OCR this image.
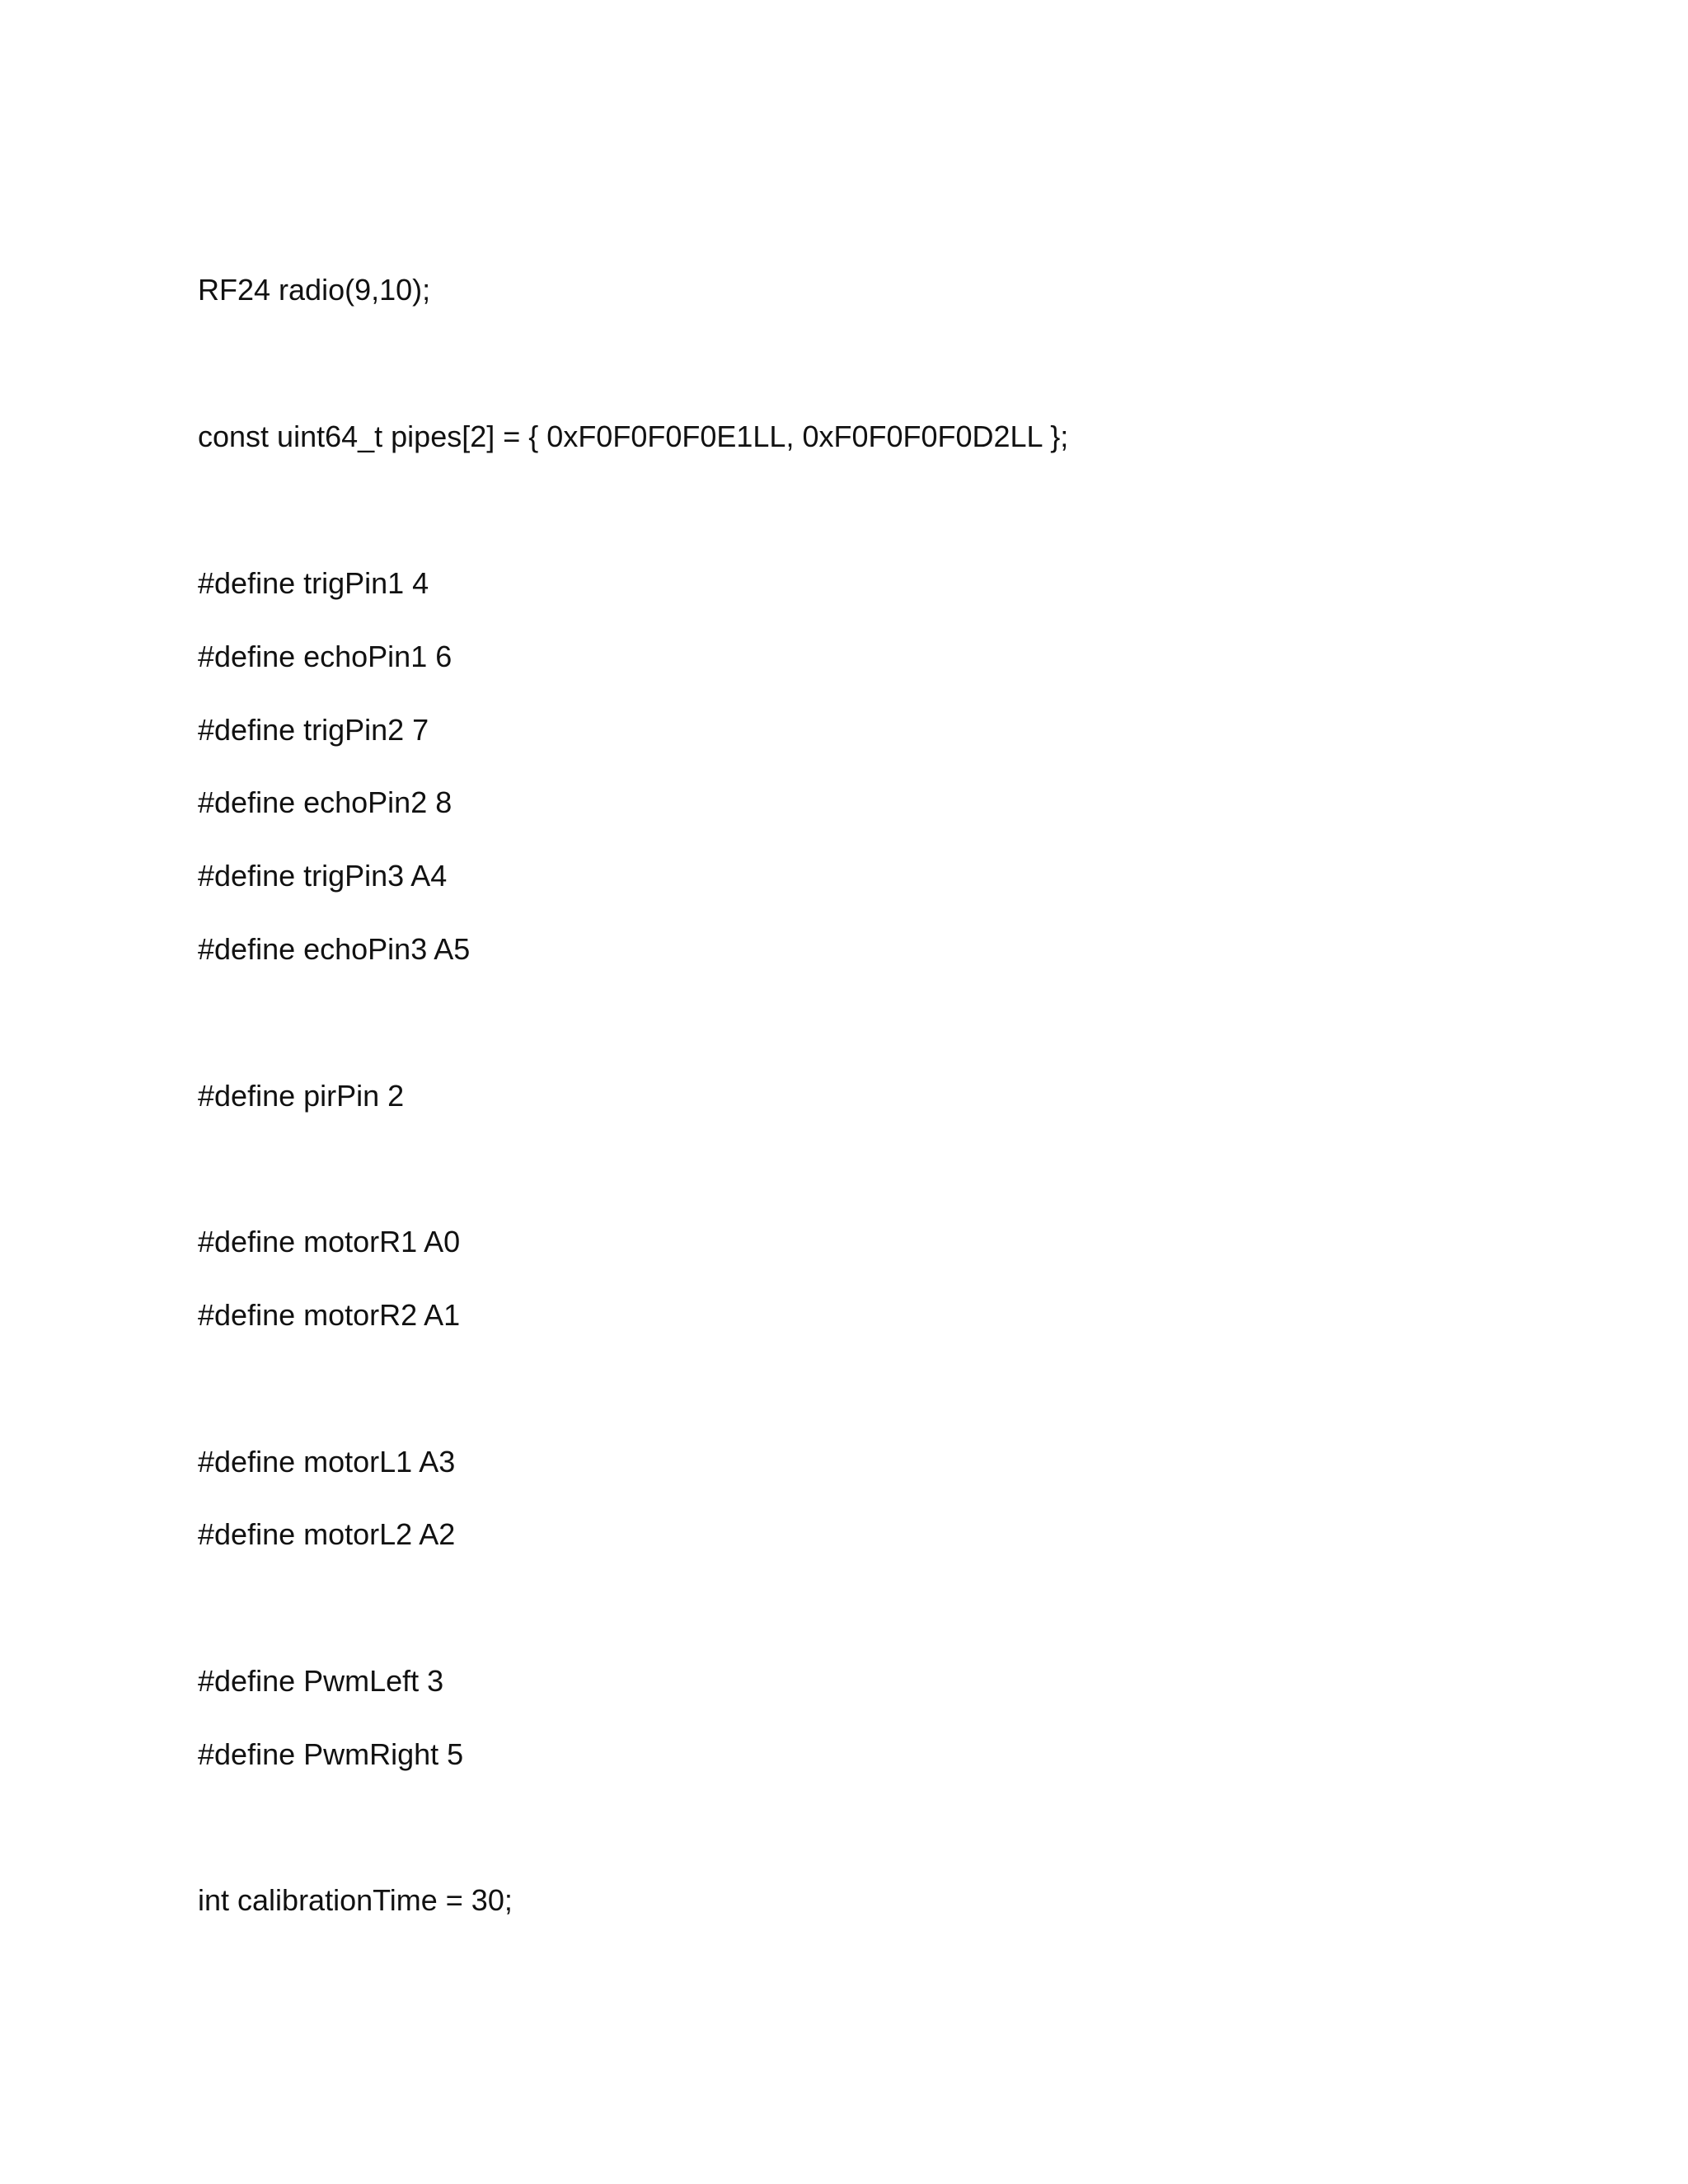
RF24 radio(9,10);
const uint64_t pipes[2] = { 0xF0F0F0F0E1LL, 0xF0F0F0F0D2LL };
#define trigPin1 4
#define echoPin1 6
#define trigPin2 7
#define echoPin2 8
#define trigPin3 A4
#define echoPin3 A5
#define pirPin 2
#define motorR1 A0
#define motorR2 A1
#define motorL1 A3
#define motorL2 A2
#define PwmLeft 3
#define PwmRight 5
int calibrationTime = 30;
